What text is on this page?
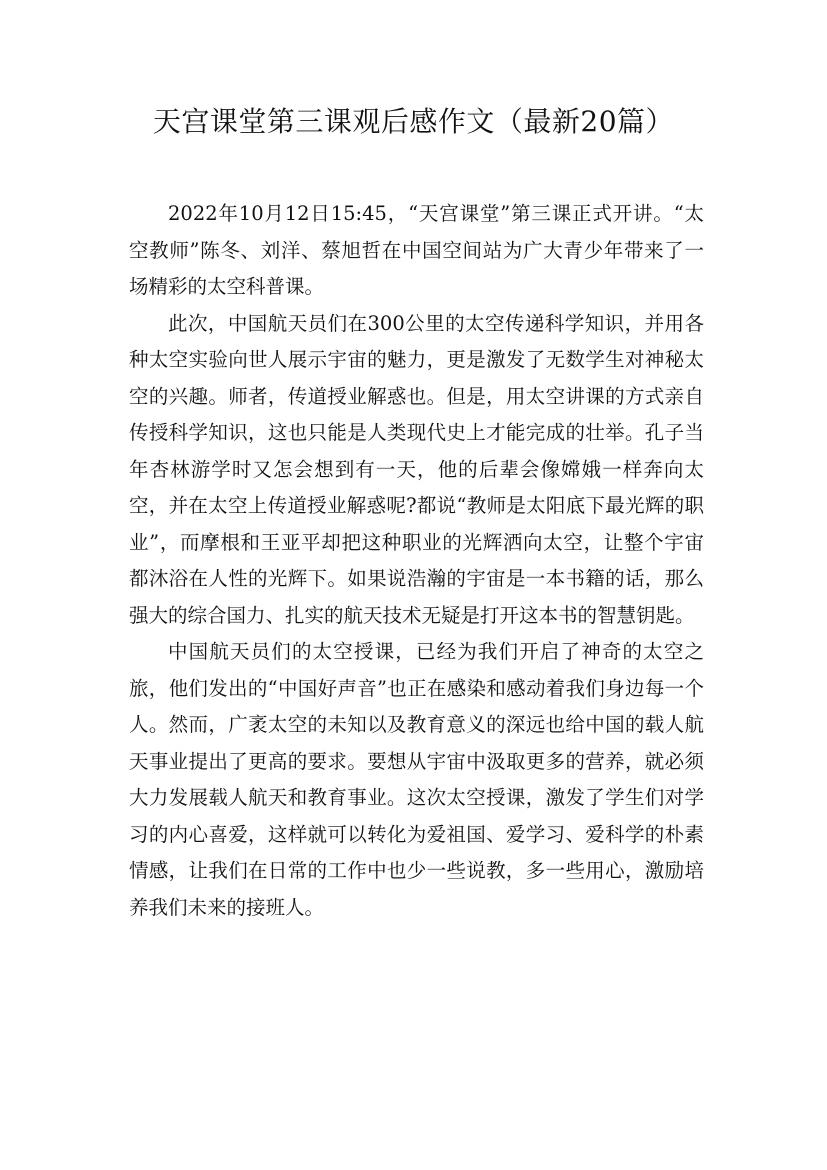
天宫课堂第三课观后感作文（最新20篇）

2022年10月12日15:45，“天宫课堂”第三课正式开讲。“太空教师”陈冬、刘洋、蔡旭哲在中国空间站为广大青少年带来了一场精彩的太空科普课。

此次，中国航天员们在300公里的太空传递科学知识，并用各种太空实验向世人展示宇宙的魅力，更是激发了无数学生对神秘太空的兴趣。师者，传道授业解惑也。但是，用太空讲课的方式亲自传授科学知识，这也只能是人类现代史上才能完成的壮举。孔子当年杏林游学时又怎会想到有一天，他的后辈会像嫦娥一样奔向太空，并在太空上传道授业解惑呢?都说“教师是太阳底下最光辉的职业”，而摩根和王亚平却把这种职业的光辉洒向太空，让整个宇宙都沐浴在人性的光辉下。如果说浩瀚的宇宙是一本书籍的话，那么强大的综合国力、扎实的航天技术无疑是打开这本书的智慧钥匙。

中国航天员们的太空授课，已经为我们开启了神奇的太空之旅，他们发出的“中国好声音”也正在感染和感动着我们身边每一个人。然而，广袤太空的未知以及教育意义的深远也给中国的载人航天事业提出了更高的要求。要想从宇宙中汲取更多的营养，就必须大力发展载人航天和教育事业。这次太空授课，激发了学生们对学习的内心喜爱，这样就可以转化为爱祖国、爱学习、爱科学的朴素情感，让我们在日常的工作中也少一些说教，多一些用心，激励培养我们未来的接班人。
